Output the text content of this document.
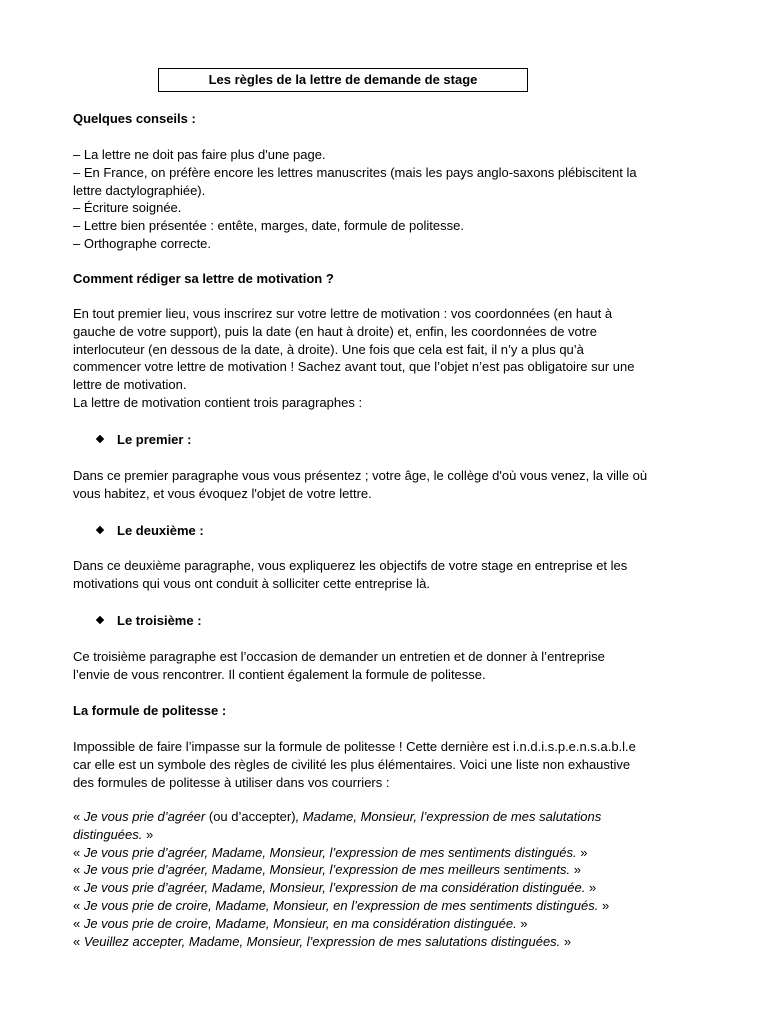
Les règles de la lettre de demande de stage
Quelques conseils :
– La lettre ne doit pas faire plus d'une page.
– En France, on préfère encore les lettres manuscrites (mais les pays anglo-saxons plébiscitent la
lettre dactylographiée).
– Écriture soignée.
– Lettre bien présentée : entête, marges, date, formule de politesse.
– Orthographe correcte.
Comment rédiger sa lettre de motivation ?
En tout premier lieu, vous inscrirez sur votre lettre de motivation : vos coordonnées (en haut à
gauche de votre support), puis la date (en haut à droite) et, enfin, les coordonnées de votre
interlocuteur (en dessous de la date, à droite). Une fois que cela est fait, il n’y a plus qu’à
commencer votre lettre de motivation ! Sachez avant tout, que l’objet n’est pas obligatoire sur une
lettre de motivation.
La lettre de motivation contient trois paragraphes :
Le premier :
Dans ce premier paragraphe vous vous présentez ; votre âge, le collège d'où vous venez, la ville où
vous habitez, et vous évoquez l'objet de votre lettre.
Le deuxième :
Dans ce deuxième paragraphe, vous expliquerez les objectifs de votre stage en entreprise et les
motivations qui vous ont conduit à solliciter cette entreprise là.
Le troisième :
Ce troisième paragraphe est l’occasion de demander un entretien et de donner à l’entreprise
l’envie de vous rencontrer. Il contient également la formule de politesse.
La formule de politesse :
Impossible de faire l’impasse sur la formule de politesse ! Cette dernière est i.n.d.i.s.p.e.n.s.a.b.l.e
car elle est un symbole des règles de civilité les plus élémentaires. Voici une liste non exhaustive
des formules de politesse à utiliser dans vos courriers :
« Je vous prie d’agréer (ou d’accepter), Madame, Monsieur, l’expression de mes salutations
distinguées. »
« Je vous prie d’agréer, Madame, Monsieur, l’expression de mes sentiments distingués. »
« Je vous prie d’agréer, Madame, Monsieur, l’expression de mes meilleurs sentiments. »
« Je vous prie d’agréer, Madame, Monsieur, l’expression de ma considération distinguée. »
« Je vous prie de croire, Madame, Monsieur, en l’expression de mes sentiments distingués. »
« Je vous prie de croire, Madame, Monsieur, en ma considération distinguée. »
« Veuillez accepter, Madame, Monsieur, l’expression de mes salutations distinguées. »
